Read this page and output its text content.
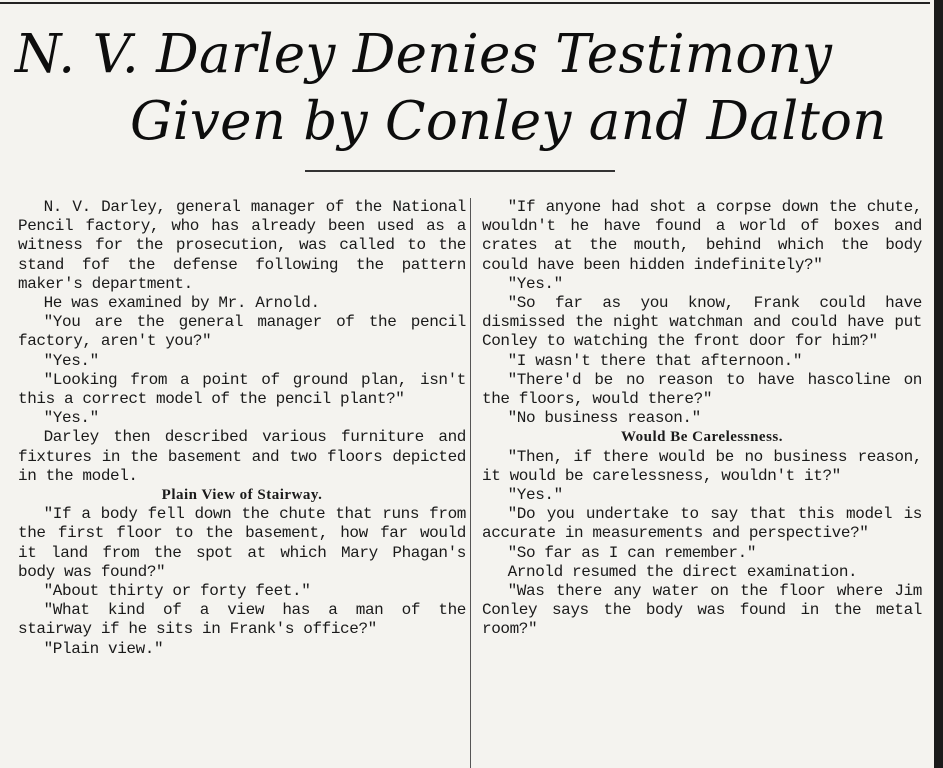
N. V. Darley Denies Testimony
Given by Conley and Dalton

N. V. Darley, general manager of the National Pencil factory, who has already been used as a witness for the prosecution, was called to the stand fof the defense following the pattern maker's department.

He was examined by Mr. Arnold.

"You are the general manager of the pencil factory, aren't you?"

"Yes."

"Looking from a point of ground plan, isn't this a correct model of the pencil plant?"

"Yes."

Darley then described various furniture and fixtures in the basement and two floors depicted in the model.

Plain View of Stairway.

"If a body fell down the chute that runs from the first floor to the basement, how far would it land from the spot at which Mary Phagan's body was found?"

"About thirty or forty feet."

"What kind of a view has a man of the stairway if he sits in Frank's office?"

"Plain view."

"If anyone had shot a corpse down the chute, wouldn't he have found a world of boxes and crates at the mouth, behind which the body could have been hidden indefinitely?"

"Yes."

"So far as you know, Frank could have dismissed the night watchman and could have put Conley to watching the front door for him?"

"I wasn't there that afternoon."

"There'd be no reason to have hascoline on the floors, would there?"

"No business reason."

Would Be Carelessness.

"Then, if there would be no business reason, it would be carelessness, wouldn't it?"

"Yes."

"Do you undertake to say that this model is accurate in measurements and perspective?"

"So far as I can remember."

Arnold resumed the direct examination.

"Was there any water on the floor where Jim Conley says the body was found in the metal room?"
